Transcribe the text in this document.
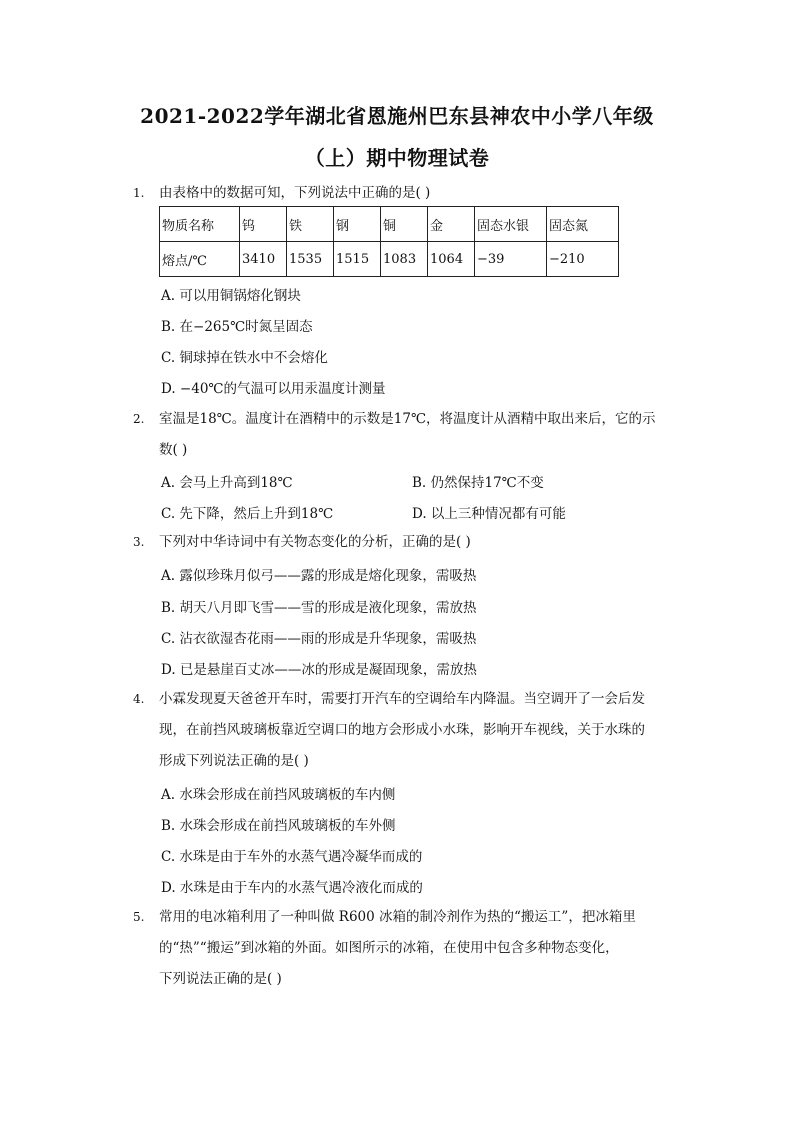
2021-2022学年湖北省恩施州巴东县神农中小学八年级
（上）期中物理试卷
1. 由表格中的数据可知，下列说法中正确的是( )
物质名称	钨	铁	钢	铜	金	固态水银	固态氮
熔点/℃	3410	1535	1515	1083	1064	−39	−210
A. 可以用铜锅熔化钢块
B. 在−265℃时氮呈固态
C. 铜球掉在铁水中不会熔化
D. −40℃的气温可以用汞温度计测量
2. 室温是18℃。温度计在酒精中的示数是17℃，将温度计从酒精中取出来后，它的示
数( )
A. 会马上升高到18℃	B. 仍然保持17℃不变
C. 先下降，然后上升到18℃	D. 以上三种情况都有可能
3. 下列对中华诗词中有关物态变化的分析，正确的是( )
A. 露似珍珠月似弓——露的形成是熔化现象，需吸热
B. 胡天八月即飞雪——雪的形成是液化现象，需放热
C. 沾衣欲湿杏花雨——雨的形成是升华现象，需吸热
D. 已是悬崖百丈冰——冰的形成是凝固现象，需放热
4. 小霖发现夏天爸爸开车时，需要打开汽车的空调给车内降温。当空调开了一会后发
现，在前挡风玻璃板靠近空调口的地方会形成小水珠，影响开车视线，关于水珠的
形成下列说法正确的是( )
A. 水珠会形成在前挡风玻璃板的车内侧
B. 水珠会形成在前挡风玻璃板的车外侧
C. 水珠是由于车外的水蒸气遇冷凝华而成的
D. 水珠是由于车内的水蒸气遇冷液化而成的
5. 常用的电冰箱利用了一种叫做 R600 冰箱的制冷剂作为热的“搬运工”，把冰箱里
的“热”“搬运”到冰箱的外面。如图所示的冰箱，在使用中包含多种物态变化，
下列说法正确的是( )
